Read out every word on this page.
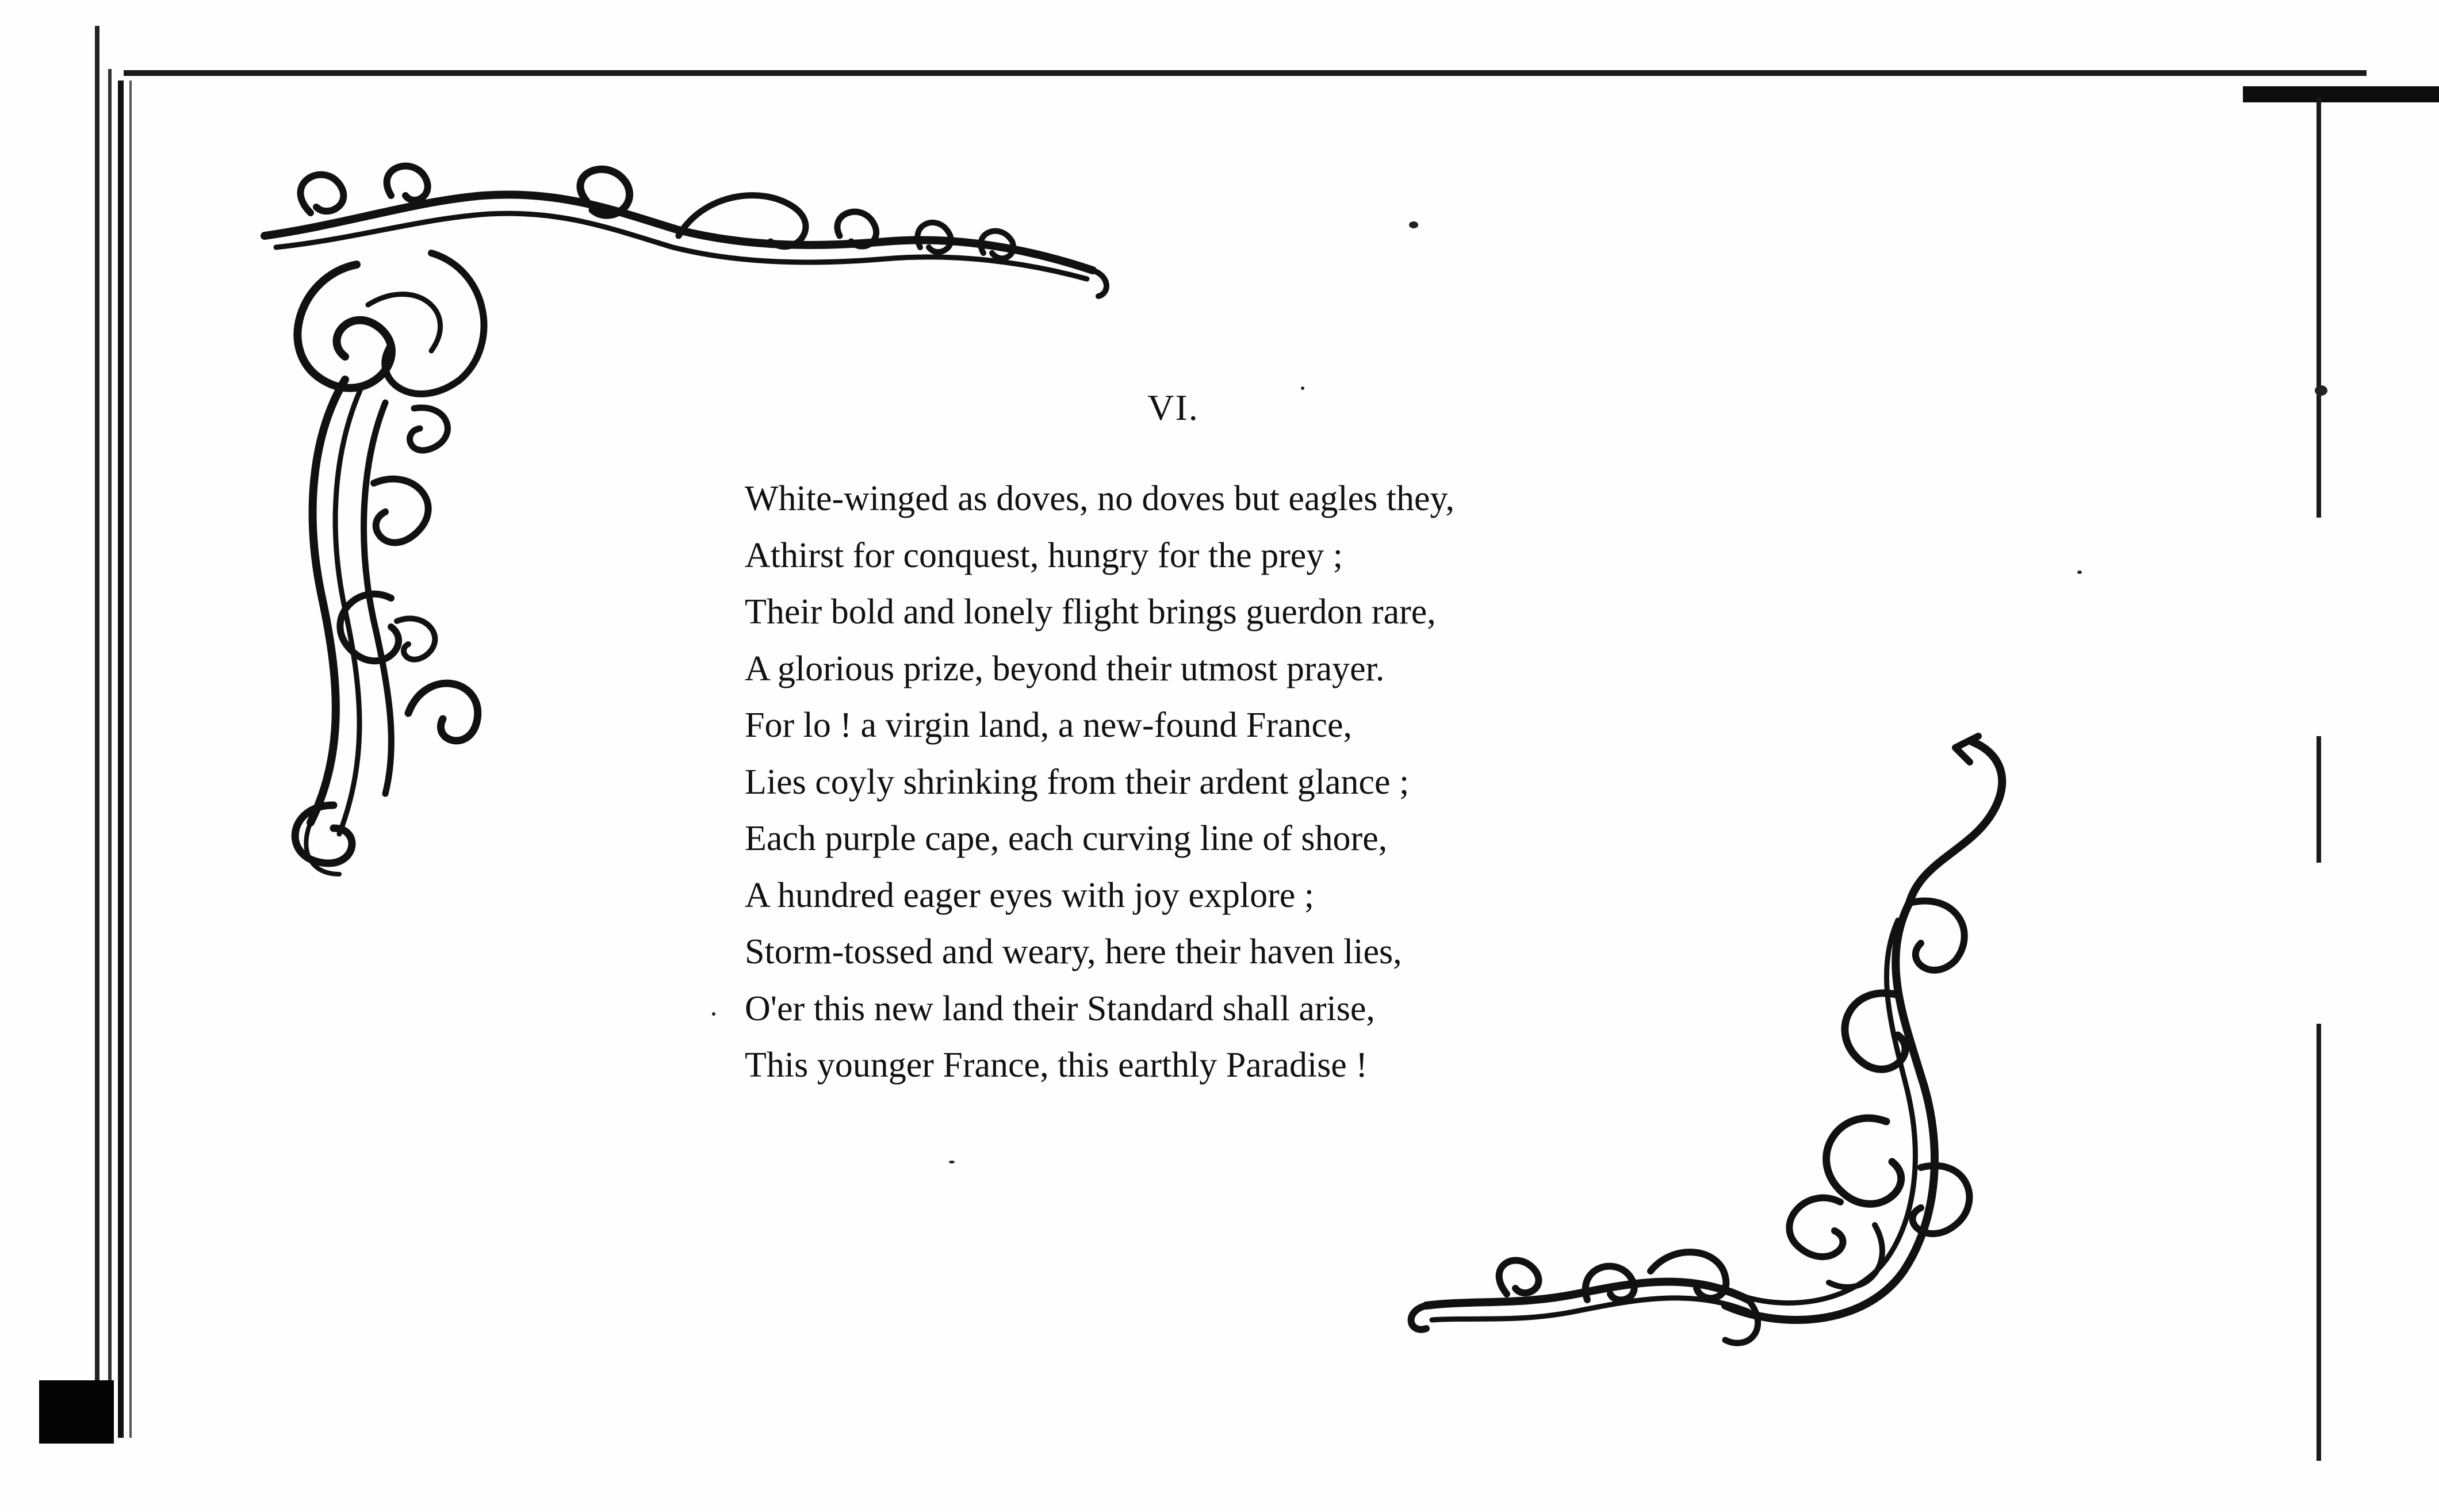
VI.
White-winged as doves, no doves but eagles they,
Athirst for conquest, hungry for the prey ;
Their bold and lonely flight brings guerdon rare,
A glorious prize, beyond their utmost prayer.
For lo ! a virgin land, a new-found France,
Lies coyly shrinking from their ardent glance ;
Each purple cape, each curving line of shore,
A hundred eager eyes with joy explore ;
Storm-tossed and weary, here their haven lies,
O'er this new land their Standard shall arise,
This younger France, this earthly Paradise !
